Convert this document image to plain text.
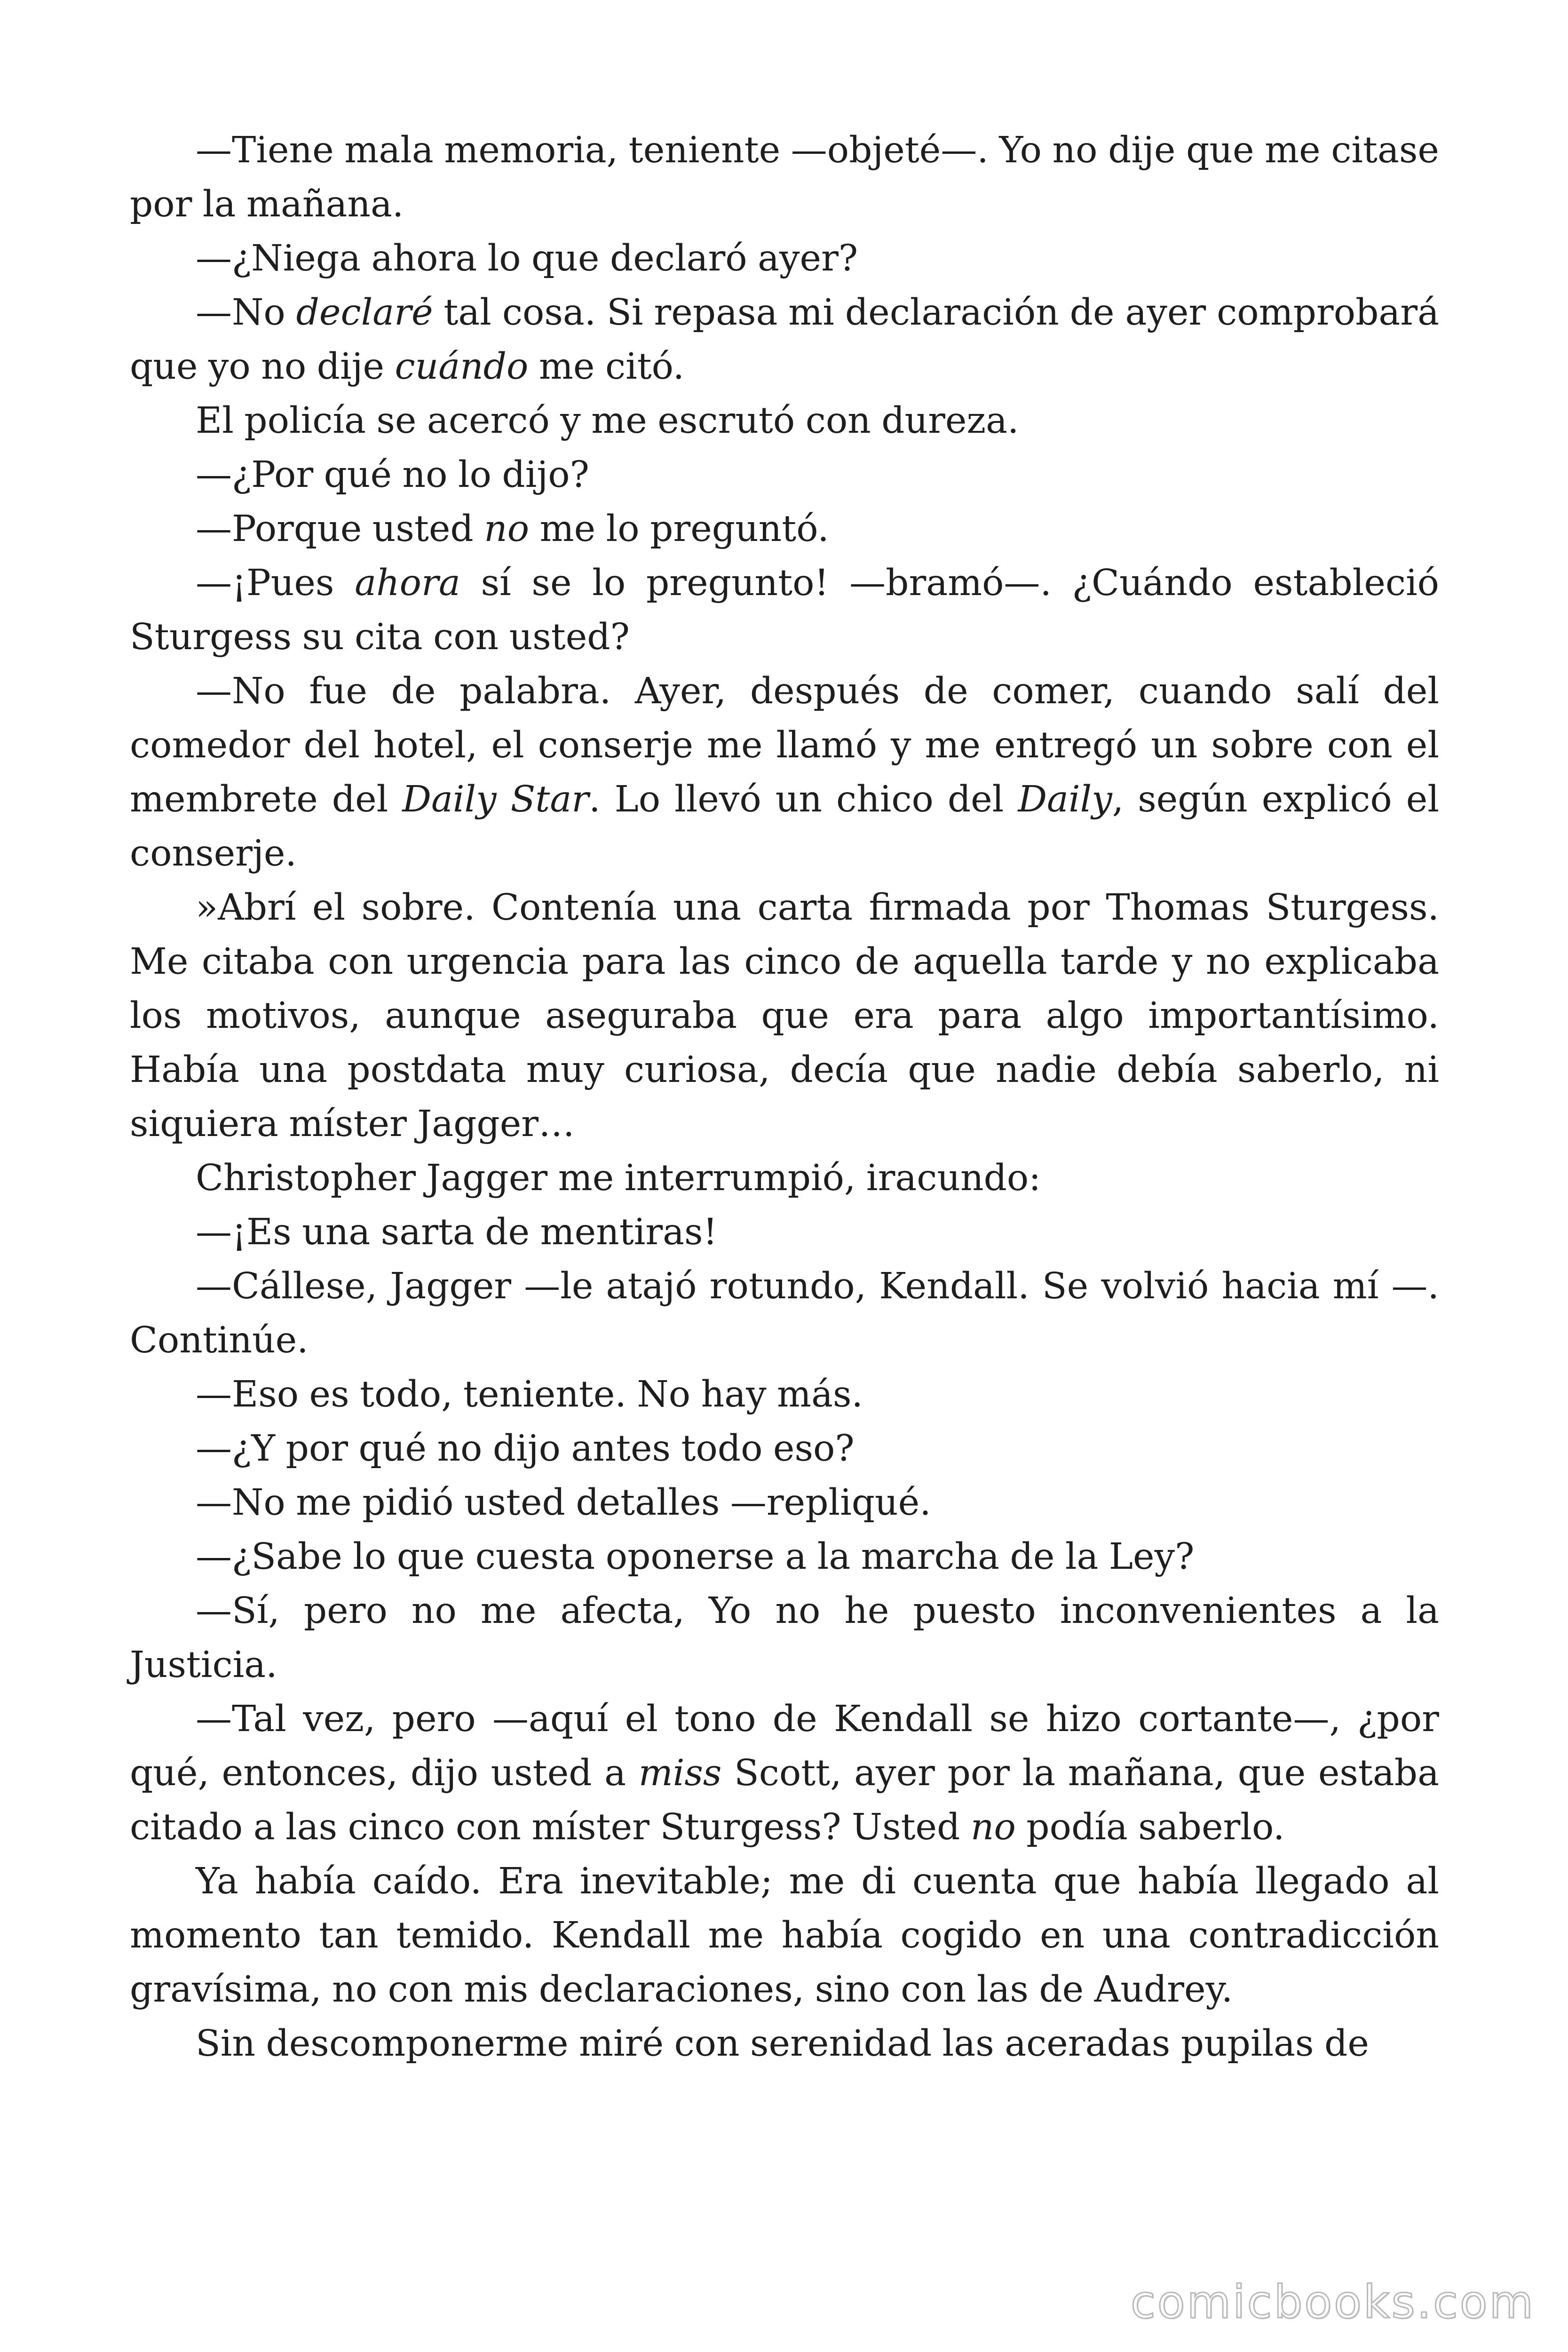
—Tiene mala memoria, teniente —objeté—. Yo no dije que me citase por la mañana.

—¿Niega ahora lo que declaró ayer?

—No declaré tal cosa. Si repasa mi declaración de ayer comprobará que yo no dije cuándo me citó.

El policía se acercó y me escrutó con dureza.

—¿Por qué no lo dijo?

—Porque usted no me lo preguntó.

—¡Pues ahora sí se lo pregunto! —bramó—. ¿Cuándo estableció Sturgess su cita con usted?

—No fue de palabra. Ayer, después de comer, cuando salí del comedor del hotel, el conserje me llamó y me entregó un sobre con el membrete del Daily Star. Lo llevó un chico del Daily, según explicó el conserje.

»Abrí el sobre. Contenía una carta firmada por Thomas Sturgess. Me citaba con urgencia para las cinco de aquella tarde y no explicaba los motivos, aunque aseguraba que era para algo importantísimo. Había una postdata muy curiosa, decía que nadie debía saberlo, ni siquiera míster Jagger…

Christopher Jagger me interrumpió, iracundo:

—¡Es una sarta de mentiras!

—Cállese, Jagger —le atajó rotundo, Kendall. Se volvió hacia mí —. Continúe.

—Eso es todo, teniente. No hay más.

—¿Y por qué no dijo antes todo eso?

—No me pidió usted detalles —repliqué.

—¿Sabe lo que cuesta oponerse a la marcha de la Ley?

—Sí, pero no me afecta, Yo no he puesto inconvenientes a la Justicia.

—Tal vez, pero —aquí el tono de Kendall se hizo cortante—, ¿por qué, entonces, dijo usted a miss Scott, ayer por la mañana, que estaba citado a las cinco con míster Sturgess? Usted no podía saberlo.

Ya había caído. Era inevitable; me di cuenta que había llegado al momento tan temido. Kendall me había cogido en una contradicción gravísima, no con mis declaraciones, sino con las de Audrey.

Sin descomponerme miré con serenidad las aceradas pupilas de

comicbooks.com
